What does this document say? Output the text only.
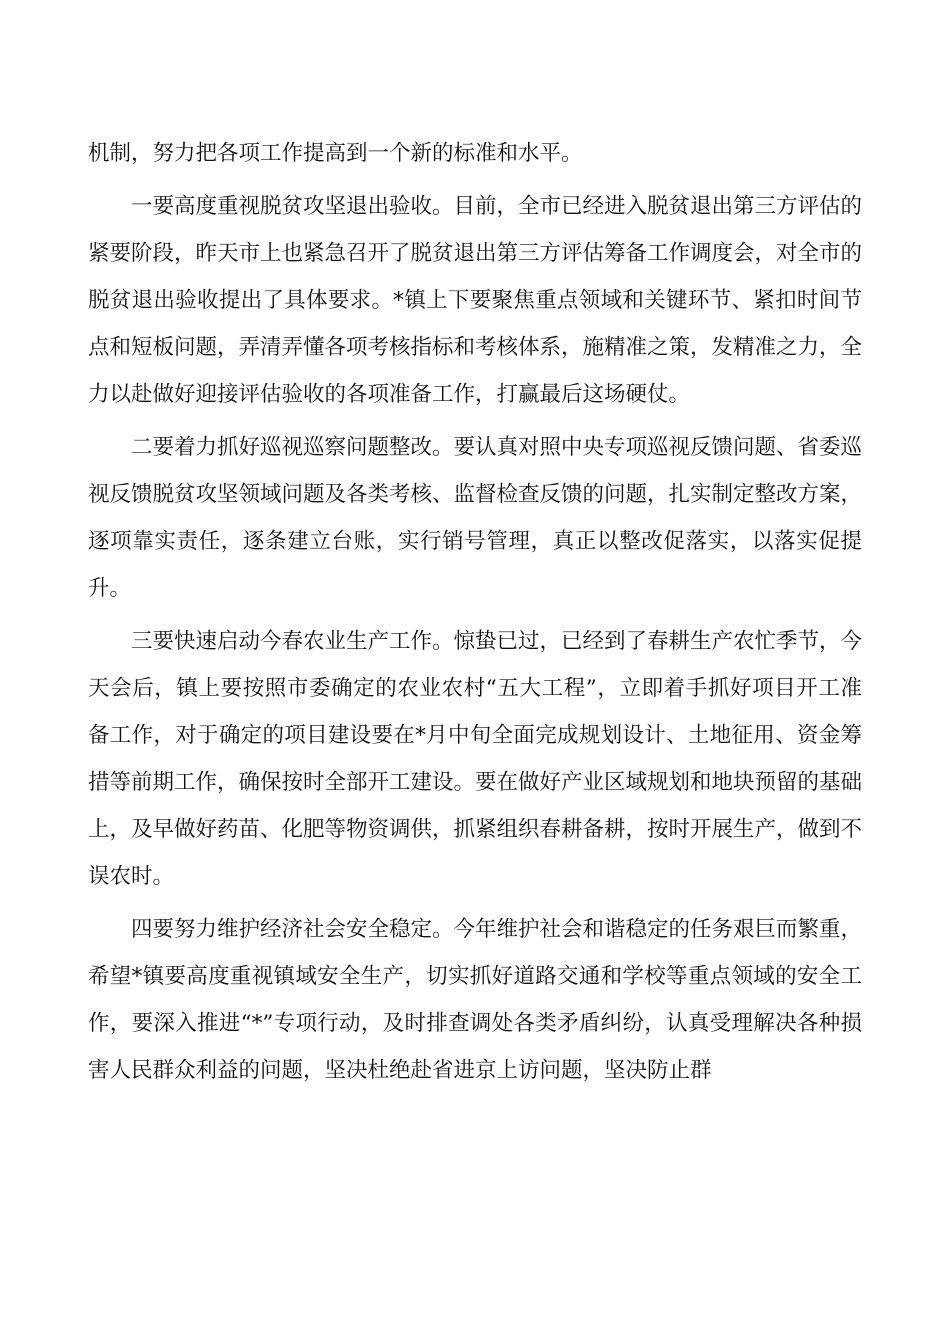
机制，努力把各项工作提高到一个新的标准和水平。

一要高度重视脱贫攻坚退出验收。目前，全市已经进入脱贫退出第三方评估的紧要阶段，昨天市上也紧急召开了脱贫退出第三方评估筹备工作调度会，对全市的脱贫退出验收提出了具体要求。*镇上下要聚焦重点领域和关键环节、紧扣时间节点和短板问题，弄清弄懂各项考核指标和考核体系，施精准之策，发精准之力，全力以赴做好迎接评估验收的各项准备工作，打赢最后这场硬仗。

二要着力抓好巡视巡察问题整改。要认真对照中央专项巡视反馈问题、省委巡视反馈脱贫攻坚领域问题及各类考核、监督检查反馈的问题，扎实制定整改方案，逐项靠实责任，逐条建立台账，实行销号管理，真正以整改促落实，以落实促提升。

三要快速启动今春农业生产工作。惊蛰已过，已经到了春耕生产农忙季节，今天会后，镇上要按照市委确定的农业农村“五大工程”，立即着手抓好项目开工准备工作，对于确定的项目建设要在*月中旬全面完成规划设计、土地征用、资金筹措等前期工作，确保按时全部开工建设。要在做好产业区域规划和地块预留的基础上，及早做好药苗、化肥等物资调供，抓紧组织春耕备耕，按时开展生产，做到不误农时。

四要努力维护经济社会安全稳定。今年维护社会和谐稳定的任务艰巨而繁重，希望*镇要高度重视镇域安全生产，切实抓好道路交通和学校等重点领域的安全工作，要深入推进“*”专项行动，及时排查调处各类矛盾纠纷，认真受理解决各种损害人民群众利益的问题，坚决杜绝赴省进京上访问题，坚决防止群
